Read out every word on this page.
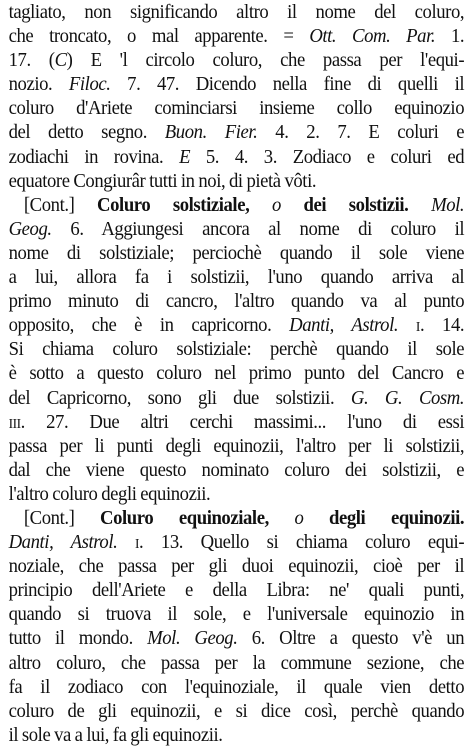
tagliato, non significando altro il nome del coluro,
che troncato, o mal apparente. = Ott. Com. Par. 1.
17. (C) E 'l circolo coluro, che passa per l'equi-
nozio. Filoc. 7. 47. Dicendo nella fine di quelli il
coluro d'Ariete cominciarsi insieme collo equinozio
del detto segno. Buon. Fier. 4. 2. 7. E coluri e
zodiachi in rovina. E 5. 4. 3. Zodiaco e coluri ed
equatore Congiurâr tutti in noi, di pietà vôti.
[Cont.] Coluro solstiziale, o dei solstizii. Mol.
Geog. 6. Aggiungesi ancora al nome di coluro il
nome di solstiziale; perciochè quando il sole viene
a lui, allora fa i solstizii, l'uno quando arriva al
primo minuto di cancro, l'altro quando va al punto
opposito, che è in capricorno. Danti, Astrol. i. 14.
Si chiama coluro solstiziale: perchè quando il sole
è sotto a questo coluro nel primo punto del Cancro e
del Capricorno, sono gli due solstizii. G. G. Cosm.
iii. 27. Due altri cerchi massimi... l'uno di essi
passa per li punti degli equinozii, l'altro per li solstizii,
dal che viene questo nominato coluro dei solstizii, e
l'altro coluro degli equinozii.
[Cont.] Coluro equinoziale, o degli equinozii.
Danti, Astrol. i. 13. Quello si chiama coluro equi-
noziale, che passa per gli duoi equinozii, cioè per il
principio dell'Ariete e della Libra: ne' quali punti,
quando si truova il sole, e l'universale equinozio in
tutto il mondo. Mol. Geog. 6. Oltre a questo v'è un
altro coluro, che passa per la commune sezione, che
fa il zodiaco con l'equinoziale, il quale vien detto
coluro de gli equinozii, e si dice così, perchè quando
il sole va a lui, fa gli equinozii.
